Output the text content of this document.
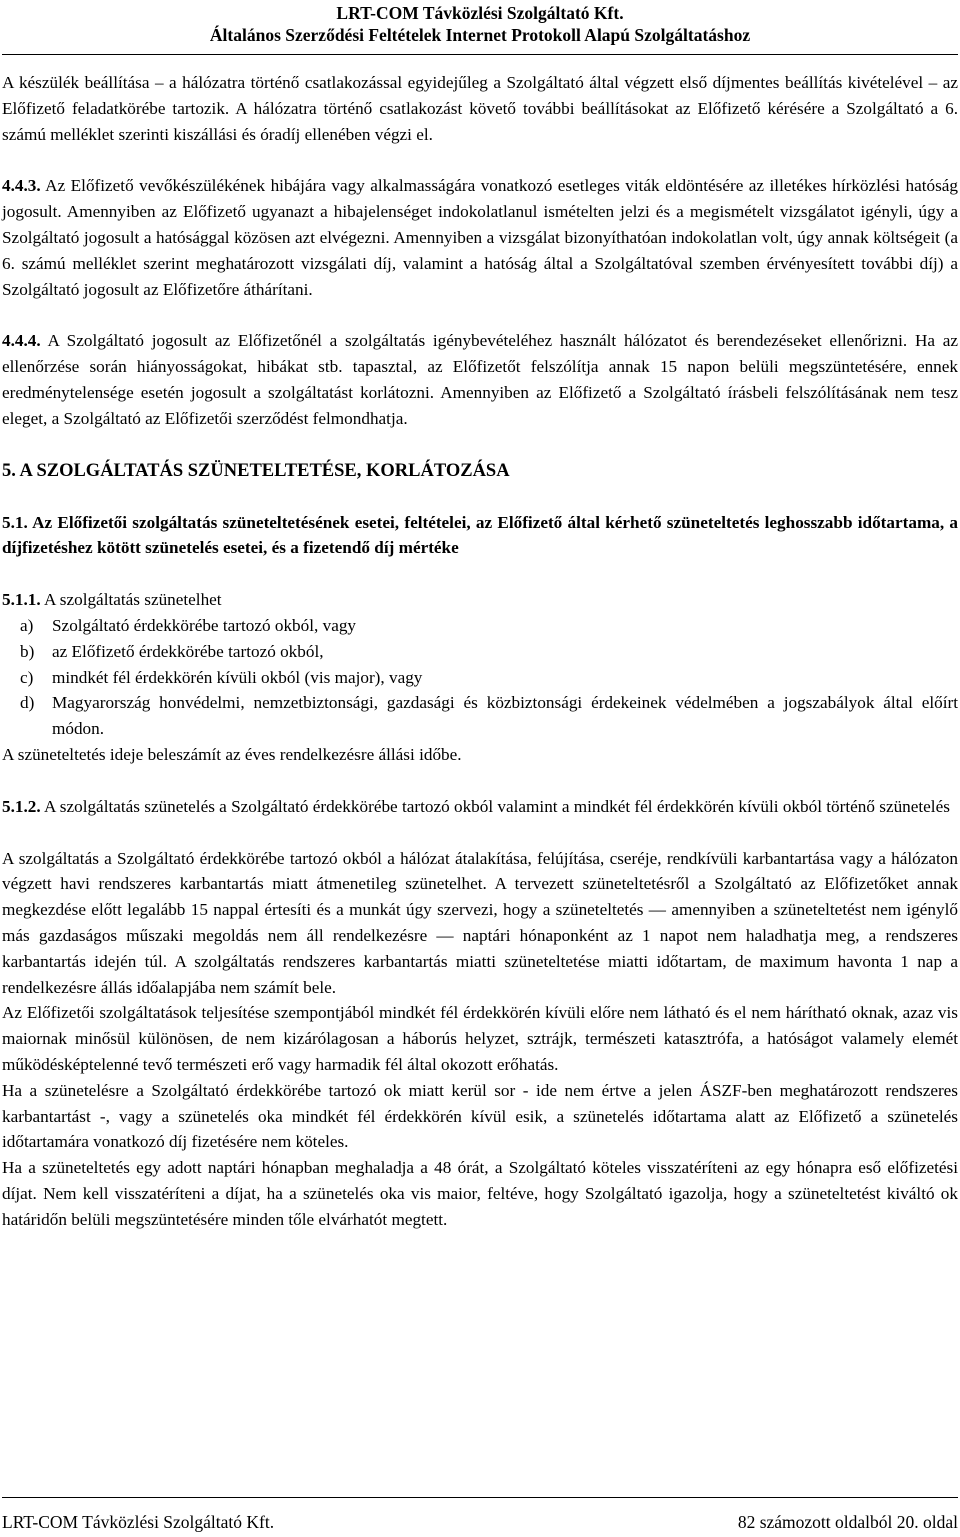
LRT-COM Távközlési Szolgáltató Kft.
Általános Szerződési Feltételek Internet Protokoll Alapú Szolgáltatáshoz

A készülék beállítása – a hálózatra történő csatlakozással egyidejűleg a Szolgáltató által végzett első díjmentes beállítás kivételével – az Előfizető feladatkörébe tartozik. A hálózatra történő csatlakozást követő további beállításokat az Előfizető kérésére a Szolgáltató a 6. számú melléklet szerinti kiszállási és óradíj ellenében végzi el.

4.4.3. Az Előfizető vevőkészülékének hibájára vagy alkalmasságára vonatkozó esetleges viták eldöntésére az illetékes hírközlési hatóság jogosult. Amennyiben az Előfizető ugyanazt a hibajelenséget indokolatlanul ismételten jelzi és a megismételt vizsgálatot igényli, úgy a Szolgáltató jogosult a hatósággal közösen azt elvégezni. Amennyiben a vizsgálat bizonyíthatóan indokolatlan volt, úgy annak költségeit (a 6. számú melléklet szerint meghatározott vizsgálati díj, valamint a hatóság által a Szolgáltatóval szemben érvényesített további díj) a Szolgáltató jogosult az Előfizetőre áthárítani.

4.4.4. A Szolgáltató jogosult az Előfizetőnél a szolgáltatás igénybevételéhez használt hálózatot és berendezéseket ellenőrizni. Ha az ellenőrzése során hiányosságokat, hibákat stb. tapasztal, az Előfizetőt felszólítja annak 15 napon belüli megszüntetésére, ennek eredménytelensége esetén jogosult a szolgáltatást korlátozni. Amennyiben az Előfizető a Szolgáltató írásbeli felszólításának nem tesz eleget, a Szolgáltató az Előfizetői szerződést felmondhatja.

5. A SZOLGÁLTATÁS SZÜNETELTETÉSE, KORLÁTOZÁSA

5.1. Az Előfizetői szolgáltatás szüneteltetésének esetei, feltételei, az Előfizető által kérhető szüneteltetés leghosszabb időtartama, a díjfizetéshez kötött szünetelés esetei, és a fizetendő díj mértéke

5.1.1. A szolgáltatás szünetelhet

a) Szolgáltató érdekkörébe tartozó okból, vagy
b) az Előfizető érdekkörébe tartozó okból,
c) mindkét fél érdekkörén kívüli okból (vis major), vagy
d) Magyarország honvédelmi, nemzetbiztonsági, gazdasági és közbiztonsági érdekeinek védelmében a jogszabályok által előírt módon.

A szüneteltetés ideje beleszámít az éves rendelkezésre állási időbe.

5.1.2. A szolgáltatás szünetelés a Szolgáltató érdekkörébe tartozó okból valamint a mindkét fél érdekkörén kívüli okból történő szünetelés

A szolgáltatás a Szolgáltató érdekkörébe tartozó okból a hálózat átalakítása, felújítása, cseréje, rendkívüli karbantartása vagy a hálózaton végzett havi rendszeres karbantartás miatt átmenetileg szünetelhet. A tervezett szüneteltetésről a Szolgáltató az Előfizetőket annak megkezdése előtt legalább 15 nappal értesíti és a munkát úgy szervezi, hogy a szüneteltetés ― amennyiben a szüneteltetést nem igénylő más gazdaságos műszaki megoldás nem áll rendelkezésre ― naptári hónaponként az 1 napot nem haladhatja meg, a rendszeres karbantartás idején túl. A szolgáltatás rendszeres karbantartás miatti szüneteltetése miatti időtartam, de maximum havonta 1 nap a rendelkezésre állás időalapjába nem számít bele.

Az Előfizetői szolgáltatások teljesítése szempontjából mindkét fél érdekkörén kívüli előre nem látható és el nem hárítható oknak, azaz vis maiornak minősül különösen, de nem kizárólagosan a háborús helyzet, sztrájk, természeti katasztrófa, a hatóságot valamely elemét működésképtelenné tevő természeti erő vagy harmadik fél által okozott erőhatás.

Ha a szünetelésre a Szolgáltató érdekkörébe tartozó ok miatt kerül sor - ide nem értve a jelen ÁSZF-ben meghatározott rendszeres karbantartást -, vagy a szünetelés oka mindkét fél érdekkörén kívül esik, a szünetelés időtartama alatt az Előfizető a szünetelés időtartamára vonatkozó díj fizetésére nem köteles.

Ha a szüneteltetés egy adott naptári hónapban meghaladja a 48 órát, a Szolgáltató köteles visszatéríteni az egy hónapra eső előfizetési díjat. Nem kell visszatéríteni a díjat, ha a szünetelés oka vis maior, feltéve, hogy Szolgáltató igazolja, hogy a szüneteltetést kiváltó ok határidőn belüli megszüntetésére minden tőle elvárhatót megtett.

LRT-COM Távközlési Szolgáltató Kft.	82 számozott oldalból 20. oldal
